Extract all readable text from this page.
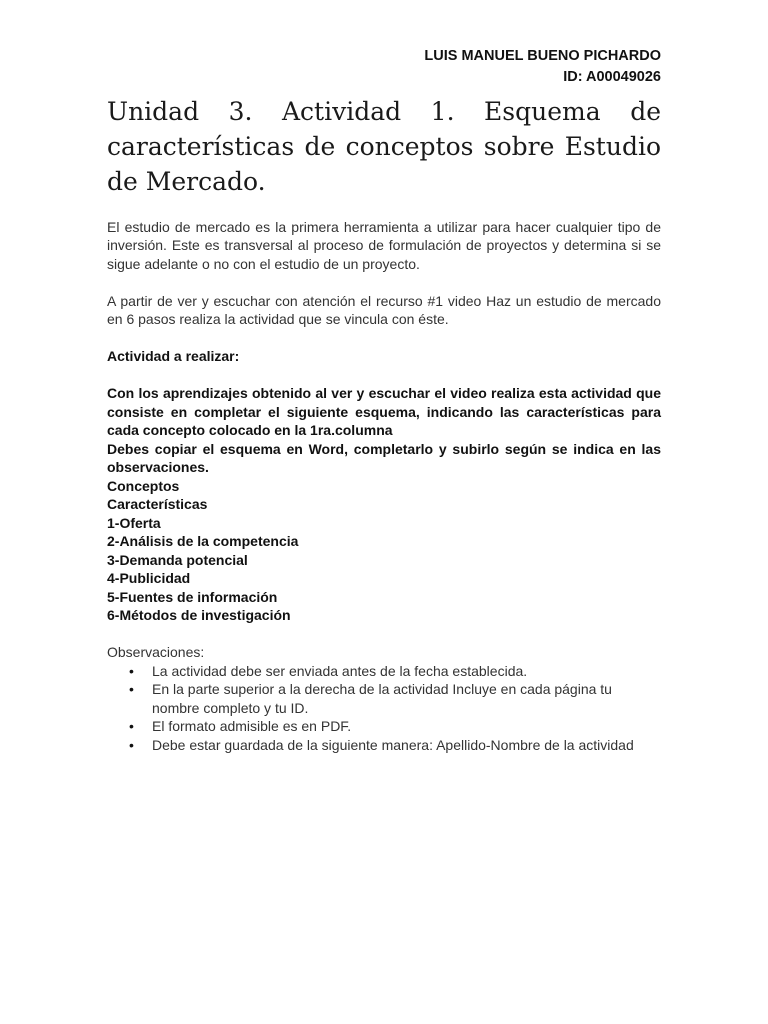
LUIS MANUEL BUENO PICHARDO
ID: A00049026
Unidad 3. Actividad 1. Esquema de características de conceptos sobre Estudio de Mercado.

El estudio de mercado es la primera herramienta a utilizar para hacer cualquier tipo de inversión. Este es transversal al proceso de formulación de proyectos y determina si se sigue adelante o no con el estudio de un proyecto.

A partir de ver y escuchar con atención el recurso #1 video Haz un estudio de mercado en 6 pasos realiza la actividad que se vincula con éste.

Actividad a realizar:

Con los aprendizajes obtenido al ver y escuchar el video realiza esta actividad que consiste en completar el siguiente esquema, indicando las características para cada concepto colocado en la 1ra.columna

Debes copiar el esquema en Word, completarlo y subirlo según se indica en las observaciones.

Conceptos

Características

1-Oferta

2-Análisis de la competencia

3-Demanda potencial

4-Publicidad

5-Fuentes de información

6-Métodos de investigación

Observaciones:
• La actividad debe ser enviada antes de la fecha establecida.
• En la parte superior a la derecha de la actividad Incluye en cada página tu nombre completo y tu ID.
• El formato admisible es en PDF.
• Debe estar guardada de la siguiente manera: Apellido-Nombre de la actividad
